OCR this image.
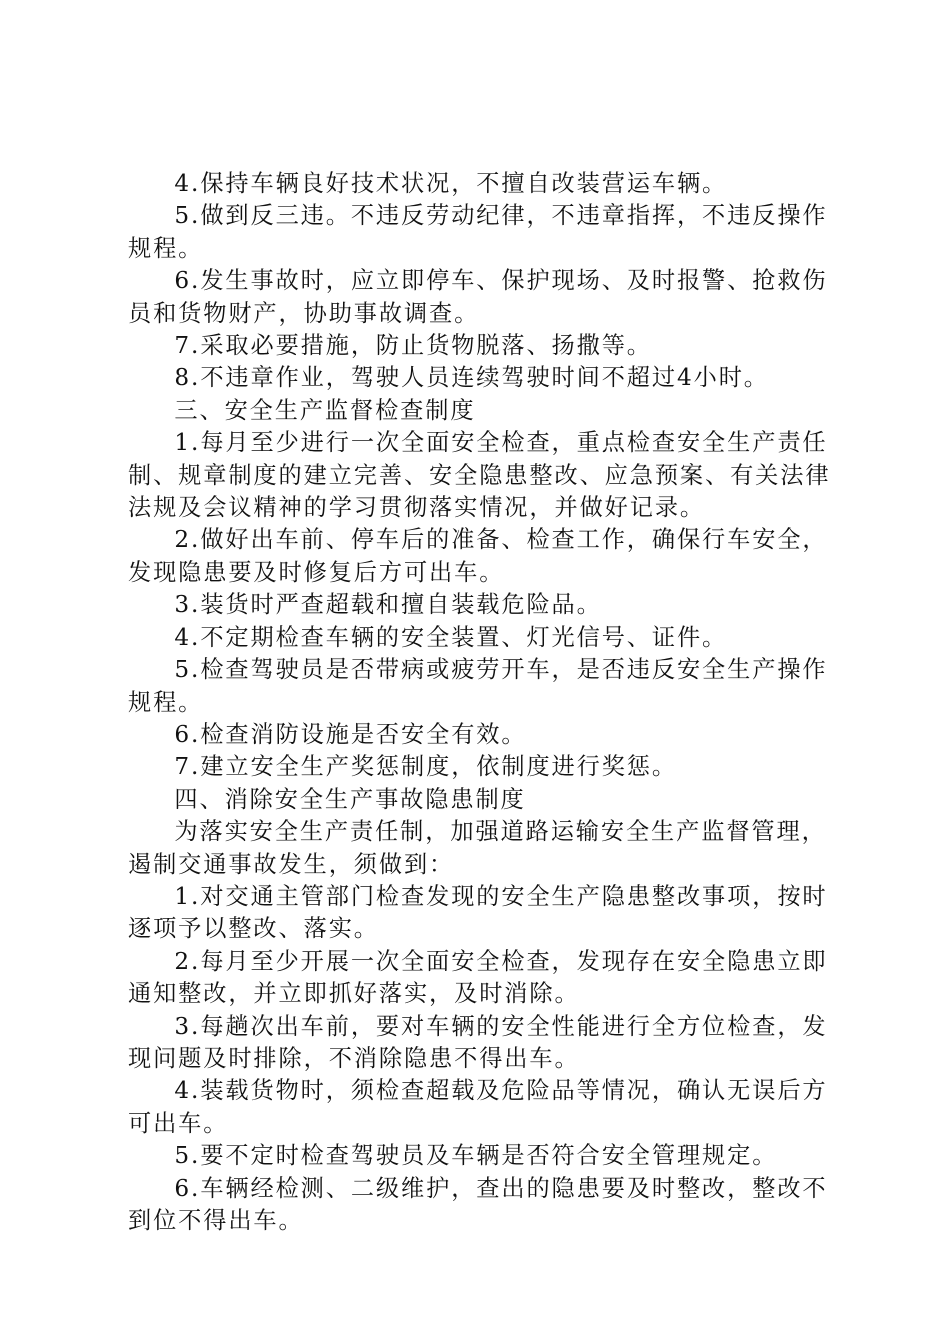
4.保持车辆良好技术状况，不擅自改装营运车辆。

5.做到反三违。不违反劳动纪律，不违章指挥，不违反操作规程。

6.发生事故时，应立即停车、保护现场、及时报警、抢救伤员和货物财产，协助事故调查。

7.采取必要措施，防止货物脱落、扬撒等。

8.不违章作业，驾驶人员连续驾驶时间不超过4小时。

三、安全生产监督检查制度

1.每月至少进行一次全面安全检查，重点检查安全生产责任制、规章制度的建立完善、安全隐患整改、应急预案、有关法律法规及会议精神的学习贯彻落实情况，并做好记录。

2.做好出车前、停车后的准备、检查工作，确保行车安全，发现隐患要及时修复后方可出车。

3.装货时严查超载和擅自装载危险品。

4.不定期检查车辆的安全装置、灯光信号、证件。

5.检查驾驶员是否带病或疲劳开车，是否违反安全生产操作规程。

6.检查消防设施是否安全有效。

7.建立安全生产奖惩制度，依制度进行奖惩。

四、消除安全生产事故隐患制度

为落实安全生产责任制，加强道路运输安全生产监督管理，遏制交通事故发生，须做到：

1.对交通主管部门检查发现的安全生产隐患整改事项，按时逐项予以整改、落实。

2.每月至少开展一次全面安全检查，发现存在安全隐患立即通知整改，并立即抓好落实，及时消除。

3.每趟次出车前，要对车辆的安全性能进行全方位检查，发现问题及时排除，不消除隐患不得出车。

4.装载货物时，须检查超载及危险品等情况，确认无误后方可出车。

5.要不定时检查驾驶员及车辆是否符合安全管理规定。

6.车辆经检测、二级维护，查出的隐患要及时整改，整改不到位不得出车。
